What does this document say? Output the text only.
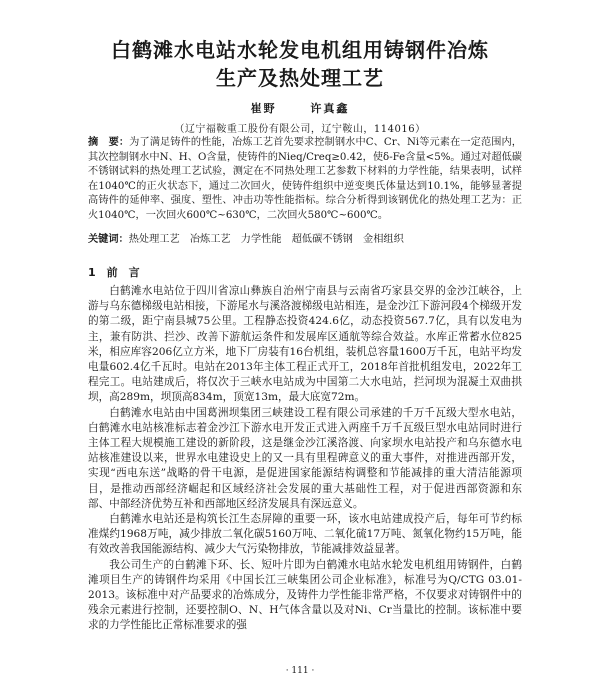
白鹤滩水电站水轮发电机组用铸钢件冶炼
生产及热处理工艺
崔野	许真鑫
（辽宁福鞍重工股份有限公司，辽宁鞍山，114016）

摘　要：为了满足铸件的性能，冶炼工艺首先要求控制钢水中C、Cr、Ni等元素在一定范围内，其次控制钢水中N、H、O含量，使铸件的Nieq/Creq≥0.42，使δ-Fe含量<5%。通过对超低碳不锈钢试料的热处理工艺试验，测定在不同热处理工艺参数下材料的力学性能，结果表明，试样在1040℃的正火状态下，通过二次回火，使铸件组织中逆变奥氏体量达到10.1%，能够显著提高铸件的延伸率、强度、塑性、冲击功等性能指标。综合分析得到该钢优化的热处理工艺为：正火1040℃，一次回火600℃~630℃，二次回火580℃~600℃。

关键词：热处理工艺　冶炼工艺　力学性能　超低碳不锈钢　金相组织

1　前　言

白鹤滩水电站位于四川省凉山彝族自治州宁南县与云南省巧家县交界的金沙江峡谷，上游与乌东德梯级电站相接，下游尾水与溪洛渡梯级电站相连，是金沙江下游河段4个梯级开发的第二级，距宁南县城75公里。工程静态投资424.6亿，动态投资567.7亿，具有以发电为主，兼有防洪、拦沙、改善下游航运条件和发展库区通航等综合效益。水库正常蓄水位825米，相应库容206亿立方米，地下厂房装有16台机组，装机总容量1600万千瓦，电站平均发电量602.4亿千瓦时。电站在2013年主体工程正式开工，2018年首批机组发电，2022年工程完工。电站建成后，将仅次于三峡水电站成为中国第二大水电站，拦河坝为混凝土双曲拱坝，高289m，坝顶高834m，顶宽13m，最大底宽72m。

白鹤滩水电站由中国葛洲坝集团三峡建设工程有限公司承建的千万千瓦级大型水电站，白鹤滩水电站核准标志着金沙江下游水电开发正式进入两座千万千瓦级巨型水电站同时进行主体工程大规模施工建设的新阶段，这是继金沙江溪洛渡、向家坝水电站投产和乌东德水电站核准建设以来，世界水电建设史上的又一具有里程碑意义的重大事件，对推进西部开发，实现“西电东送”战略的骨干电源，是促进国家能源结构调整和节能减排的重大清洁能源项目，是推动西部经济崛起和区域经济社会发展的重大基础性工程，对于促进西部资源和东部、中部经济优势互补和西部地区经济发展具有深远意义。

白鹤滩水电站还是构筑长江生态屏障的重要一环，该水电站建成投产后，每年可节约标准煤约1968万吨，减少排放二氧化碳5160万吨、二氧化硫17万吨、氮氧化物约15万吨，能有效改善我国能源结构、减少大气污染物排放，节能减排效益显著。

我公司生产的白鹤滩下环、长、短叶片即为白鹤滩水电站水轮发电机组用铸钢件，白鹤滩项目生产的铸钢件均采用《中国长江三峡集团公司企业标准》，标准号为Q/CTG 03.01-2013。该标准中对产品要求的冶炼成分，及铸件力学性能非常严格，不仅要求对铸钢件中的残余元素进行控制，还要控制O、N、H气体含量以及对Ni、Cr当量比的控制。该标准中要求的力学性能比正常标准要求的强

· 111 ·
